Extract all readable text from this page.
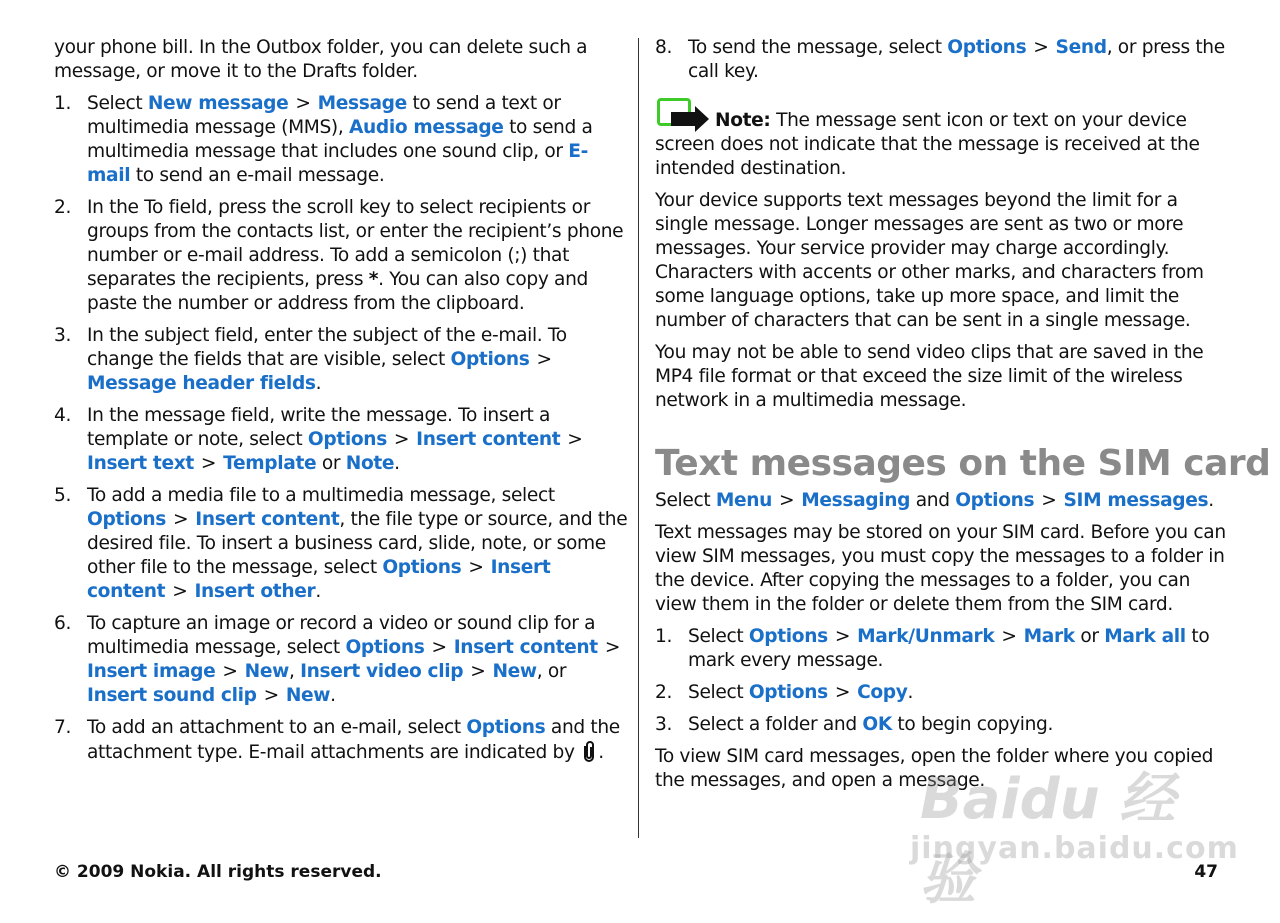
your phone bill. In the Outbox folder, you can delete such a message, or move it to the Drafts folder.

1. Select New message > Message to send a text or multimedia message (MMS), Audio message to send a multimedia message that includes one sound clip, or E-mail to send an e-mail message.
2. In the To field, press the scroll key to select recipients or groups from the contacts list, or enter the recipient’s phone number or e-mail address. To add a semicolon (;) that separates the recipients, press *. You can also copy and paste the number or address from the clipboard.
3. In the subject field, enter the subject of the e-mail. To change the fields that are visible, select Options >Message header fields.
4. In the message field, write the message. To insert a template or note, select Options > Insert content >Insert text > Template or Note.
5. To add a media file to a multimedia message, select Options > Insert content, the file type or source, and the desired file. To insert a business card, slide, note, or some other file to the message, select Options > Insert content > Insert other.
6. To capture an image or record a video or sound clip for a multimedia message, select Options > Insert content >Insert image > New, Insert video clip > New, or Insert sound clip > New.
7. To add an attachment to an e-mail, select Options and the attachment type. E-mail attachments are indicated by .
8. To send the message, select Options > Send, or press the call key.

Note: The message sent icon or text on your device screen does not indicate that the message is received at the intended destination.

Your device supports text messages beyond the limit for a single message. Longer messages are sent as two or more messages. Your service provider may charge accordingly. Characters with accents or other marks, and characters from some language options, take up more space, and limit the number of characters that can be sent in a single message.

You may not be able to send video clips that are saved in the MP4 file format or that exceed the size limit of the wireless network in a multimedia message.

Text messages on the SIM card

Select Menu > Messaging and Options > SIM messages.

Text messages may be stored on your SIM card. Before you can view SIM messages, you must copy the messages to a folder in the device. After copying the messages to a folder, you can view them in the folder or delete them from the SIM card.

1. Select Options > Mark/Unmark > Mark or Mark all to mark every message.
2. Select Options > Copy.
3. Select a folder and OK to begin copying.

To view SIM card messages, open the folder where you copied the messages, and open a message.

© 2009 Nokia. All rights reserved.	47
Baidu 经验
jingyan.baidu.com
